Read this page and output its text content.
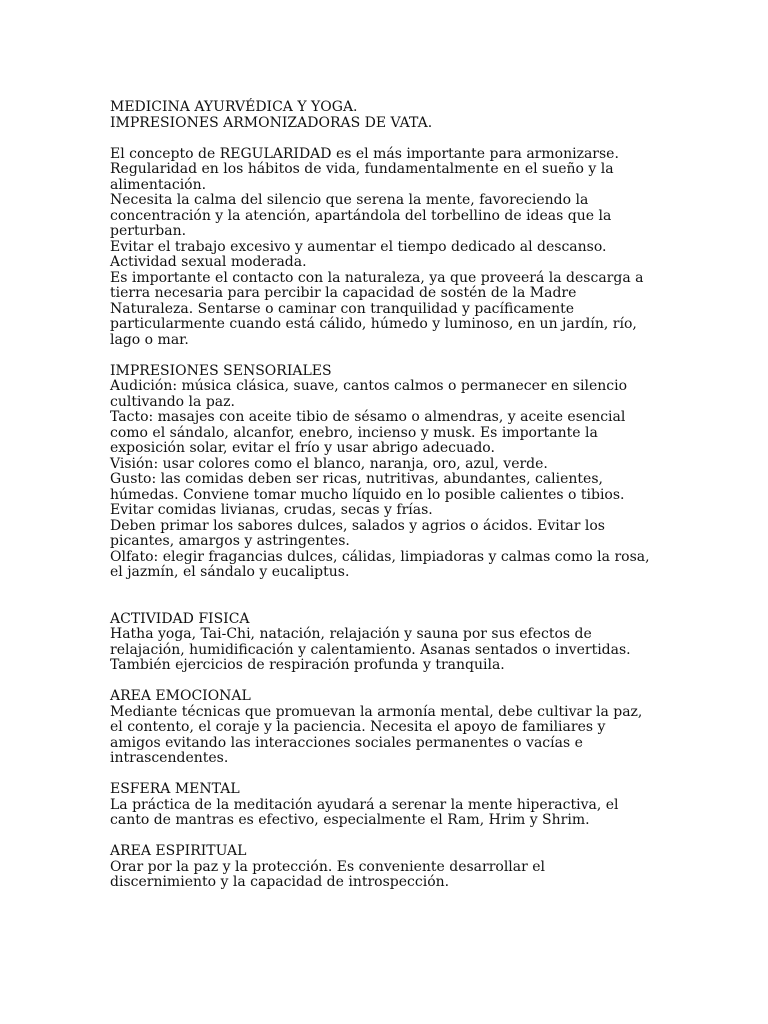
MEDICINA AYURVÉDICA Y YOGA.
IMPRESIONES ARMONIZADORAS DE VATA.
El concepto de REGULARIDAD es el más importante para armonizarse.
Regularidad en los hábitos de vida, fundamentalmente en el sueño y la
alimentación.
Necesita la calma del silencio que serena la mente, favoreciendo la
concentración y la atención, apartándola del torbellino de ideas que la
perturban.
Evitar el trabajo excesivo y aumentar el tiempo dedicado al descanso.
Actividad sexual moderada.
Es importante el contacto con la naturaleza, ya que proveerá la descarga a
tierra necesaria para percibir la capacidad de sostén de la Madre
Naturaleza. Sentarse o caminar con tranquilidad y pacíficamente
particularmente cuando está cálido, húmedo y luminoso, en un jardín, río,
lago o mar.
IMPRESIONES SENSORIALES
Audición: música clásica, suave, cantos calmos o permanecer en silencio
cultivando la paz.
Tacto: masajes con aceite tibio de sésamo o almendras, y aceite esencial
como el sándalo, alcanfor, enebro, incienso y musk. Es importante la
exposición solar, evitar el frío y usar abrigo adecuado.
Visión: usar colores como el blanco, naranja, oro, azul, verde.
Gusto: las comidas deben ser ricas, nutritivas, abundantes, calientes,
húmedas. Conviene tomar mucho líquido en lo posible calientes o tibios.
Evitar comidas livianas, crudas, secas y frías.
Deben primar los sabores dulces, salados y agrios o ácidos. Evitar los
picantes, amargos y astringentes.
Olfato: elegir fragancias dulces, cálidas, limpiadoras y calmas como la rosa,
el jazmín, el sándalo y eucaliptus.
ACTIVIDAD FISICA
Hatha yoga, Tai-Chi, natación, relajación y sauna por sus efectos de
relajación, humidificación y calentamiento. Asanas sentados o invertidas.
También ejercicios de respiración profunda y tranquila.
AREA EMOCIONAL
Mediante técnicas que promuevan la armonía mental, debe cultivar la paz,
el contento, el coraje y la paciencia. Necesita el apoyo de familiares y
amigos evitando las interacciones sociales permanentes o vacías e
intrascendentes.
ESFERA MENTAL
La práctica de la meditación ayudará a serenar la mente hiperactiva, el
canto de mantras es efectivo, especialmente el Ram, Hrim y Shrim.
AREA ESPIRITUAL
Orar por la paz y la protección. Es conveniente desarrollar el
discernimiento y la capacidad de introspección.
